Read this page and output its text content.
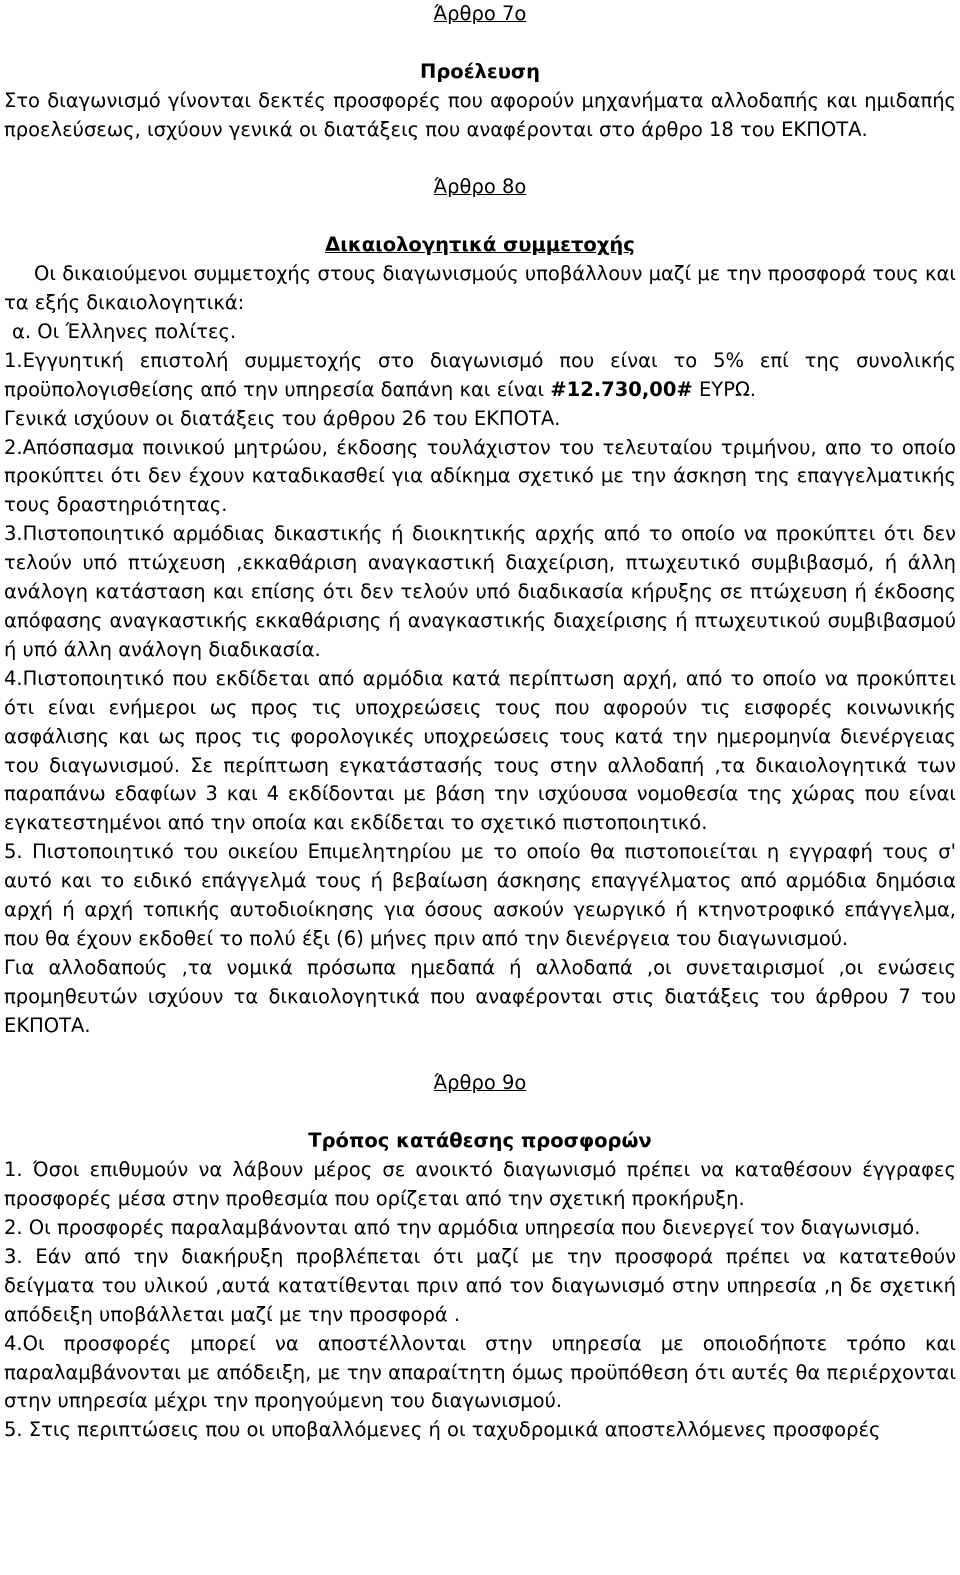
Άρθρο 7ο
Προέλευση

Στο διαγωνισμό γίνονται δεκτές προσφορές που αφορούν μηχανήματα αλλοδαπής και ημιδαπής προελεύσεως, ισχύουν γενικά οι διατάξεις που αναφέρονται στο άρθρο 18 του ΕΚΠΟΤΑ.

Άρθρο 8ο
Δικαιολογητικά συμμετοχής

Οι δικαιούμενοι συμμετοχής στους διαγωνισμούς υποβάλλουν μαζί με την προσφορά τους και τα εξής δικαιολογητικά:

α. Οι Έλληνες πολίτες.

1.Εγγυητική επιστολή συμμετοχής στο διαγωνισμό που είναι το 5% επί της συνολικής προϋπολογισθείσης από την υπηρεσία δαπάνη και είναι #12.730,00# ΕΥΡΩ.

Γενικά ισχύουν οι διατάξεις του άρθρου 26 του ΕΚΠΟΤΑ.

2.Απόσπασμα ποινικού μητρώου, έκδοσης τουλάχιστον του τελευταίου τριμήνου, απο το οποίο προκύπτει ότι δεν έχουν καταδικασθεί για αδίκημα σχετικό με την άσκηση της επαγγελματικής τους δραστηριότητας.

3.Πιστοποιητικό αρμόδιας δικαστικής ή διοικητικής αρχής από το οποίο να προκύπτει ότι δεν τελούν υπό πτώχευση ,εκκαθάριση αναγκαστική διαχείριση, πτωχευτικό συμβιβασμό, ή άλλη ανάλογη κατάσταση και επίσης ότι δεν τελούν υπό διαδικασία κήρυξης σε πτώχευση ή έκδοσης απόφασης αναγκαστικής εκκαθάρισης ή αναγκαστικής διαχείρισης ή πτωχευτικού συμβιβασμού ή υπό άλλη ανάλογη διαδικασία.

4.Πιστοποιητικό που εκδίδεται από αρμόδια κατά περίπτωση αρχή, από το οποίο να προκύπτει ότι είναι ενήμεροι ως προς τις υποχρεώσεις τους που αφορούν τις εισφορές κοινωνικής ασφάλισης και ως προς τις φορολογικές υποχρεώσεις τους κατά την ημερομηνία διενέργειας του διαγωνισμού. Σε περίπτωση εγκατάστασής τους στην αλλοδαπή ,τα δικαιολογητικά των παραπάνω εδαφίων 3 και 4 εκδίδονται με βάση την ισχύουσα νομοθεσία της χώρας που είναι εγκατεστημένοι από την οποία και εκδίδεται το σχετικό πιστοποιητικό.

5. Πιστοποιητικό του οικείου Επιμελητηρίου με το οποίο θα πιστοποιείται η εγγραφή τους σ' αυτό και το ειδικό επάγγελμά τους ή βεβαίωση άσκησης επαγγέλματος από αρμόδια δημόσια αρχή ή αρχή τοπικής αυτοδιοίκησης για όσους ασκούν γεωργικό ή κτηνοτροφικό επάγγελμα, που θα έχουν εκδοθεί το πολύ έξι (6) μήνες πριν από την διενέργεια του διαγωνισμού.

Για αλλοδαπούς ,τα νομικά πρόσωπα ημεδαπά ή αλλοδαπά ,οι συνεταιρισμοί ,οι ενώσεις προμηθευτών ισχύουν τα δικαιολογητικά που αναφέρονται στις διατάξεις του άρθρου 7 του ΕΚΠΟΤΑ.

Άρθρο 9ο
Τρόπος κατάθεσης προσφορών

1. Όσοι επιθυμούν να λάβουν μέρος σε ανοικτό διαγωνισμό πρέπει να καταθέσουν έγγραφες προσφορές μέσα στην προθεσμία που ορίζεται από την σχετική προκήρυξη.

2. Οι προσφορές παραλαμβάνονται από την αρμόδια υπηρεσία που διενεργεί τον διαγωνισμό.

3. Εάν από την διακήρυξη προβλέπεται ότι μαζί με την προσφορά πρέπει να κατατεθούν δείγματα του υλικού ,αυτά κατατίθενται πριν από τον διαγωνισμό στην υπηρεσία ,η δε σχετική απόδειξη υποβάλλεται μαζί με την προσφορά .

4.Οι προσφορές μπορεί να αποστέλλονται στην υπηρεσία με οποιοδήποτε τρόπο και παραλαμβάνονται με απόδειξη, με την απαραίτητη όμως προϋπόθεση ότι αυτές θα περιέρχονται στην υπηρεσία μέχρι την προηγούμενη του διαγωνισμού.

5. Στις περιπτώσεις που οι υποβαλλόμενες ή οι ταχυδρομικά αποστελλόμενες προσφορές
